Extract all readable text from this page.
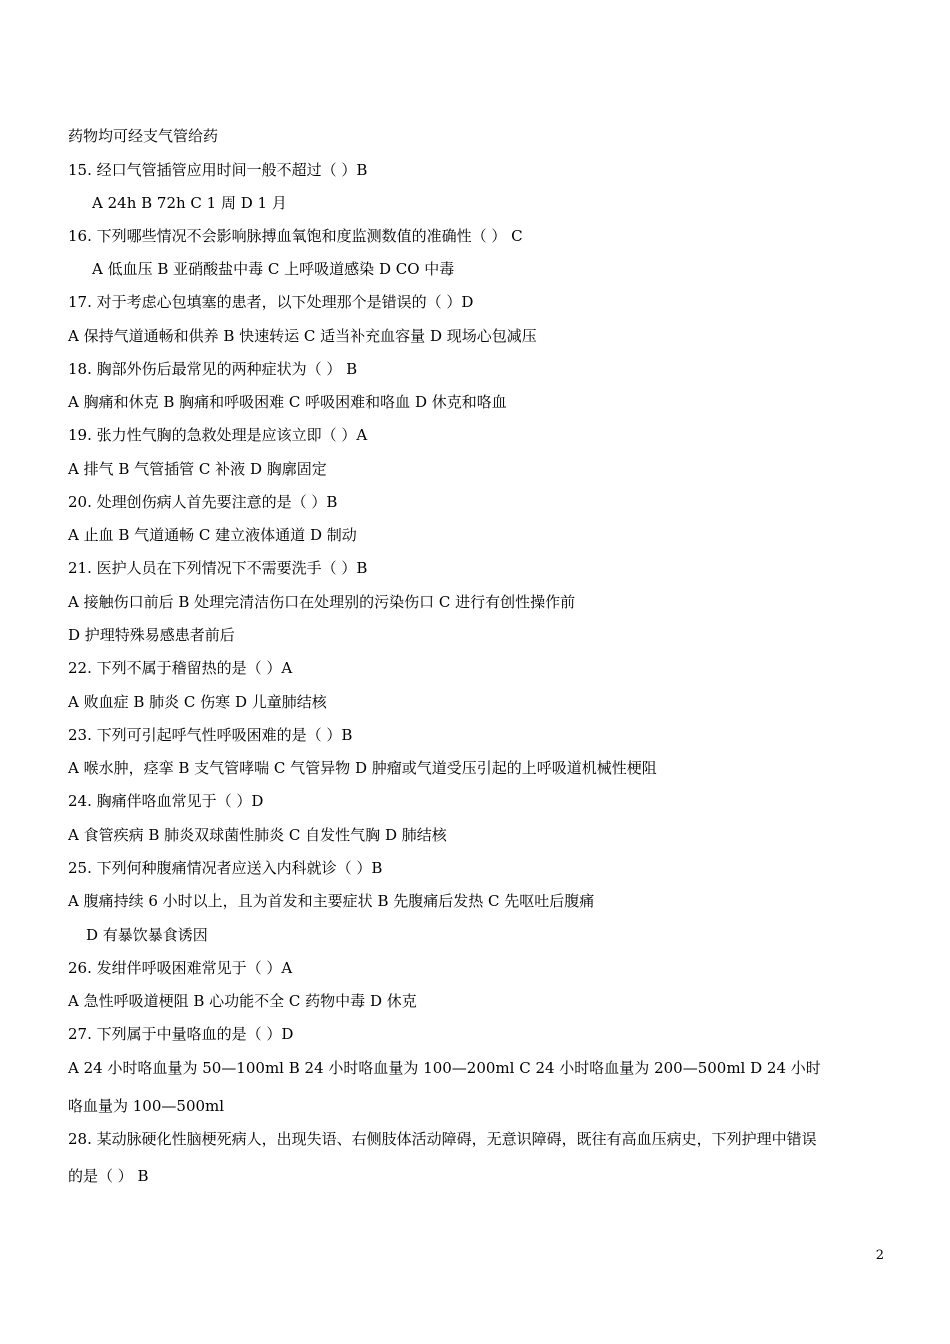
药物均可经支气管给药
15. 经口气管插管应用时间一般不超过（ ）B
A 24h B 72h C 1 周 D 1 月
16. 下列哪些情况不会影响脉搏血氧饱和度监测数值的准确性（ ） C
A 低血压 B 亚硝酸盐中毒 C 上呼吸道感染 D CO 中毒
17. 对于考虑心包填塞的患者，以下处理那个是错误的（ ）D
A 保持气道通畅和供养 B 快速转运 C 适当补充血容量 D 现场心包减压
18. 胸部外伤后最常见的两种症状为（ ） B
A 胸痛和休克 B 胸痛和呼吸困难 C 呼吸困难和咯血 D 休克和咯血
19. 张力性气胸的急救处理是应该立即（ ）A
A 排气 B 气管插管 C 补液 D 胸廓固定
20. 处理创伤病人首先要注意的是（ ）B
A 止血 B 气道通畅 C 建立液体通道 D 制动
21. 医护人员在下列情况下不需要洗手（ ）B
A 接触伤口前后 B 处理完清洁伤口在处理别的污染伤口 C 进行有创性操作前
D 护理特殊易感患者前后
22. 下列不属于稽留热的是（ ）A
A 败血症 B 肺炎 C 伤寒 D 儿童肺结核
23. 下列可引起呼气性呼吸困难的是（ ）B
A 喉水肿，痉挛 B 支气管哮喘 C 气管异物 D 肿瘤或气道受压引起的上呼吸道机械性梗阻
24. 胸痛伴咯血常见于（ ）D
A 食管疾病 B 肺炎双球菌性肺炎 C 自发性气胸 D 肺结核
25. 下列何种腹痛情况者应送入内科就诊（ ）B
A 腹痛持续 6 小时以上，且为首发和主要症状 B 先腹痛后发热 C 先呕吐后腹痛
D 有暴饮暴食诱因
26. 发绀伴呼吸困难常见于（ ）A
A 急性呼吸道梗阻 B 心功能不全 C 药物中毒 D 休克
27. 下列属于中量咯血的是（ ）D
A 24 小时咯血量为 50—100ml B 24 小时咯血量为 100—200ml C 24 小时咯血量为 200—500ml D 24 小时
咯血量为 100—500ml
28. 某动脉硬化性脑梗死病人，出现失语、右侧肢体活动障碍，无意识障碍，既往有高血压病史，下列护理中错误
的是（ ） B
2
